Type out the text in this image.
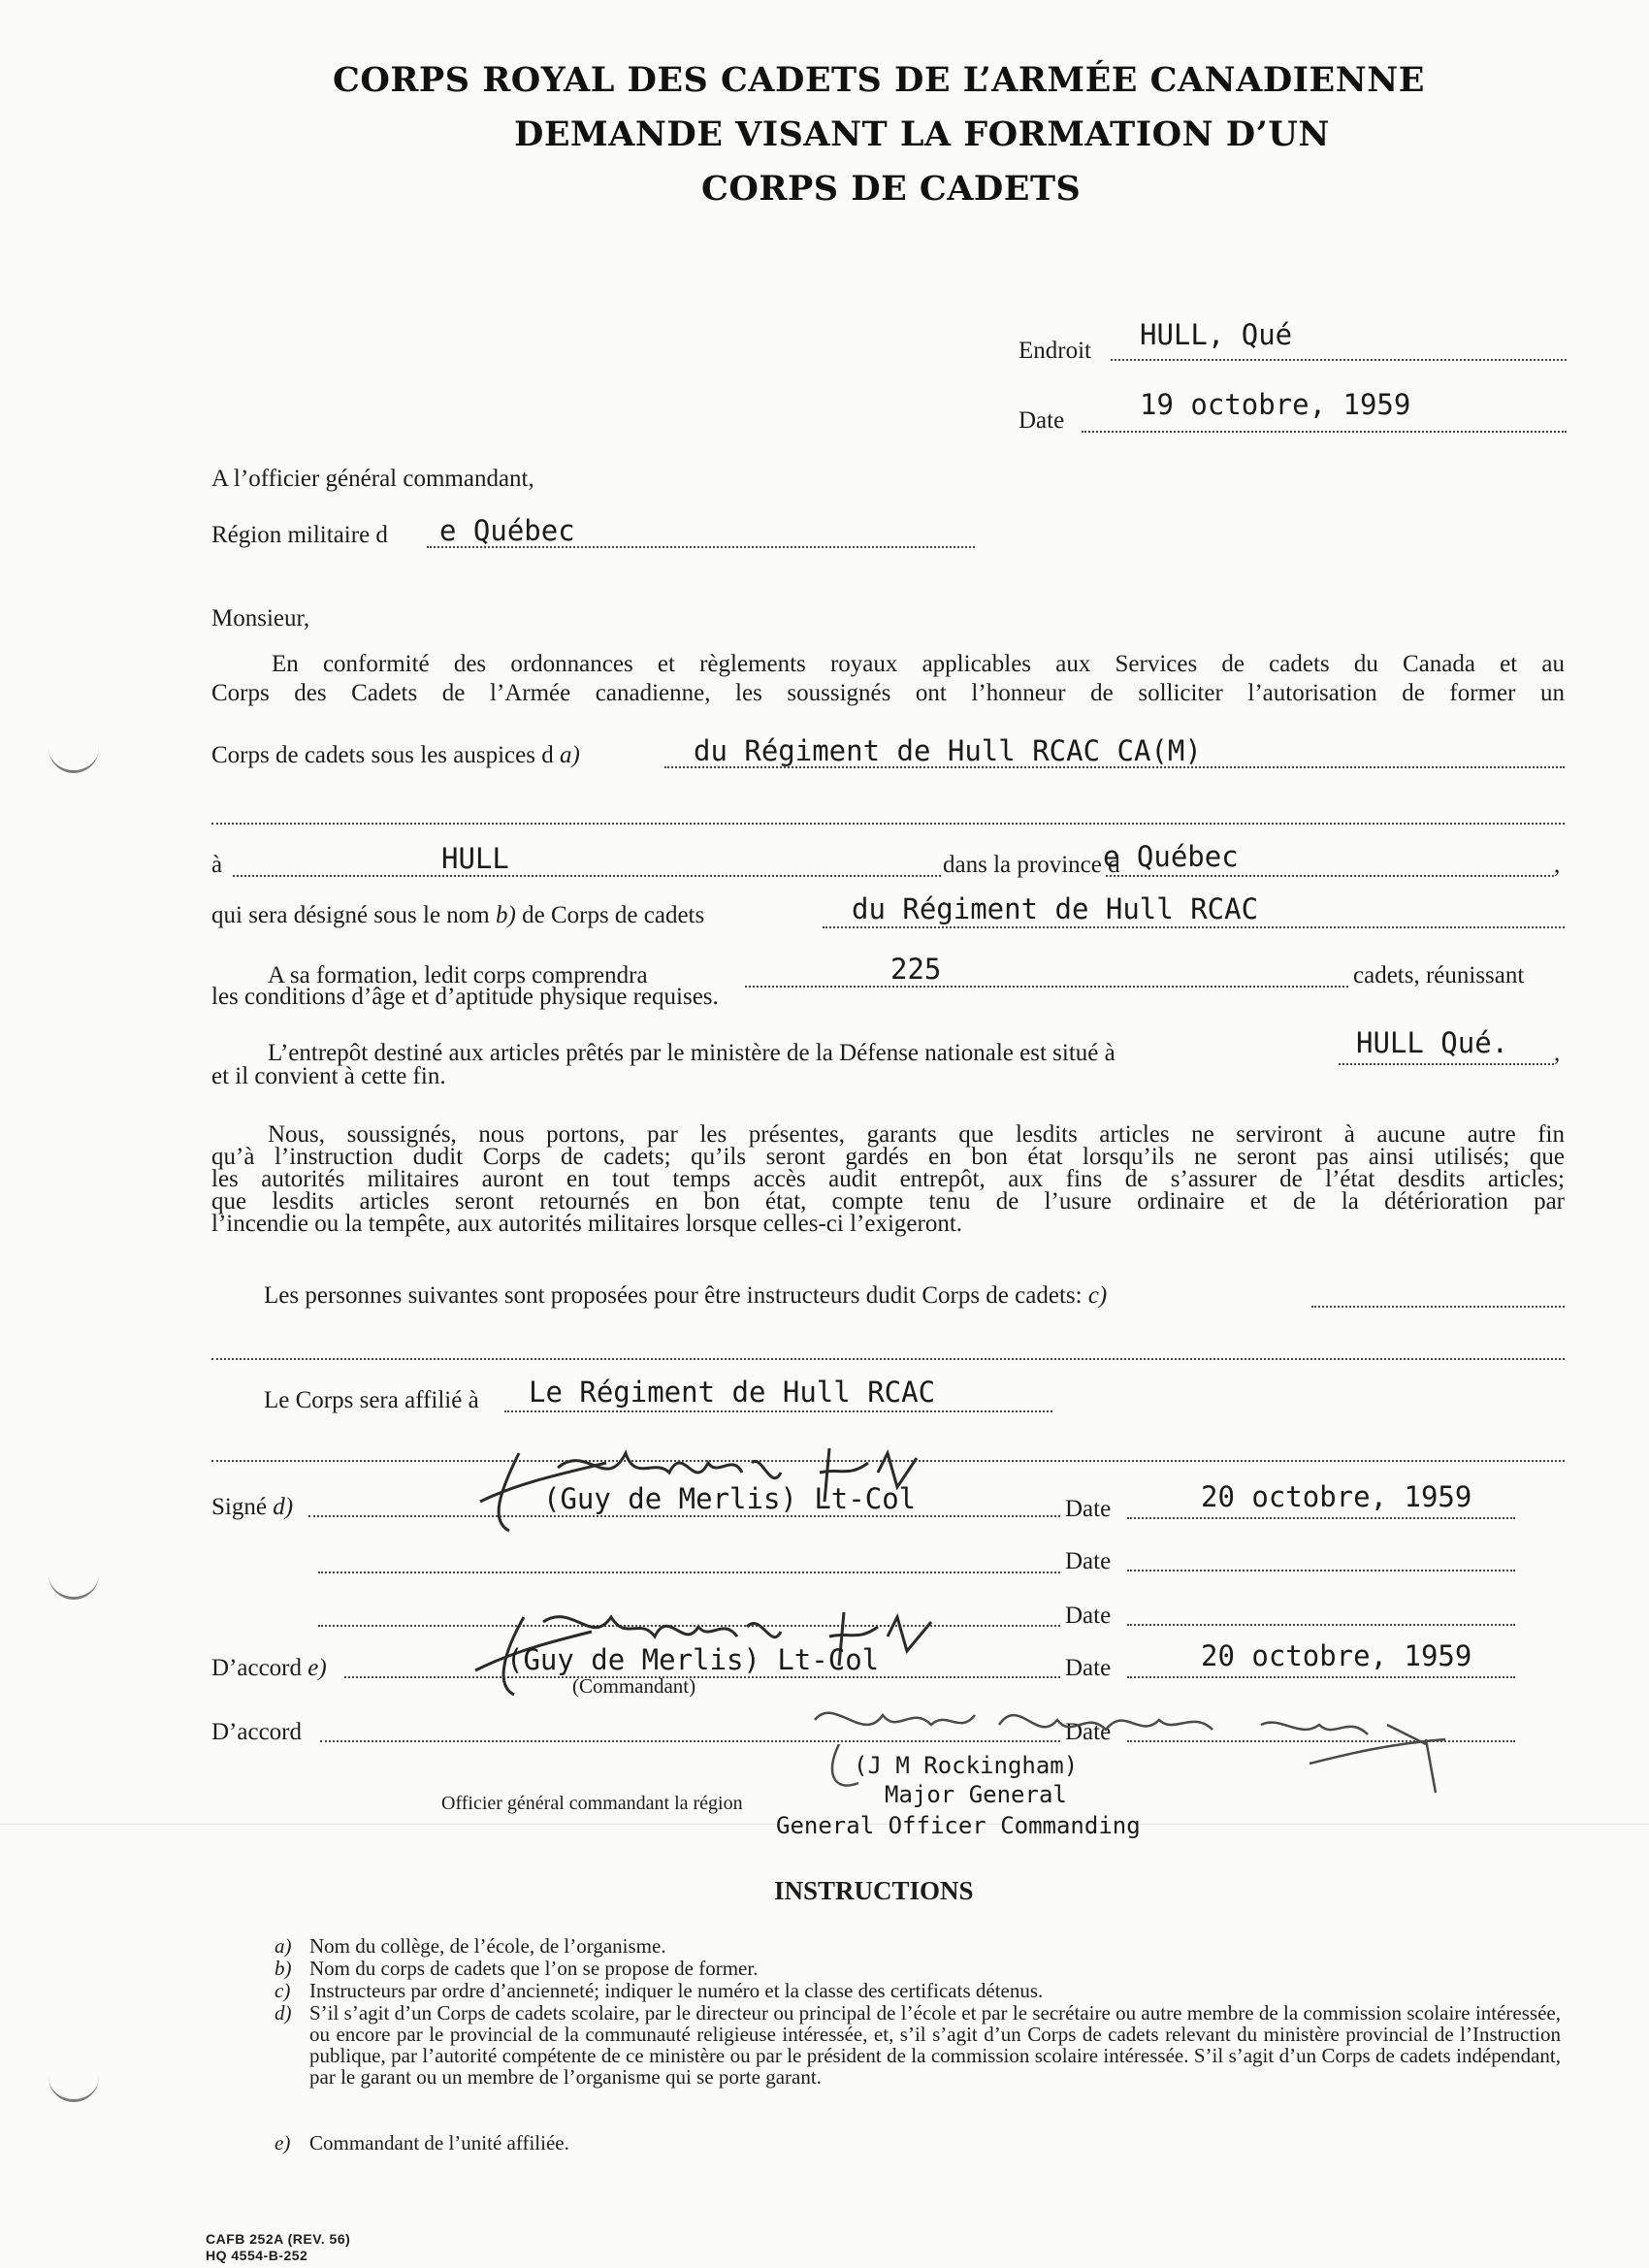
CORPS ROYAL DES CADETS DE L’ARMÉE CANADIENNE
DEMANDE VISANT LA FORMATION D’UN
CORPS DE CADETS
Endroit HULL, Qué
Date	19 octobre, 1959
A l’officier général commandant,
Région militaire d e Québec
Monsieur,
En conformité des ordonnances et règlements royaux applicables aux Services de cadets du Canada et au
Corps des Cadets de l’Armée canadienne, les soussignés ont l’honneur de solliciter l’autorisation de former un
Corps de cadets sous les auspices d a)	du Régiment de Hull RCAC CA(M)
à	HULL	dans la province d
e Québec	,
qui sera désigné sous le nom b) de Corps de cadets	du Régiment de Hull RCAC
A sa formation, ledit corps comprendra	225	cadets, réunissant
les conditions d’âge et d’aptitude physique requises.
L’entrepôt destiné aux articles prêtés par le ministère de la Défense nationale est situé à	HULL Qué. ,
et il convient à cette fin.
Nous, soussignés, nous portons, par les présentes, garants que lesdits articles ne serviront à aucune autre fin
qu’à l’instruction dudit Corps de cadets; qu’ils seront gardés en bon état lorsqu’ils ne seront pas ainsi utilisés; que
les autorités militaires auront en tout temps accès audit entrepôt, aux fins de s’assurer de l’état desdits articles;
que lesdits articles seront retournés en bon état, compte tenu de l’usure ordinaire et de la détérioration par
l’incendie ou la tempête, aux autorités militaires lorsque celles-ci l’exigeront.
Les personnes suivantes sont proposées pour être instructeurs dudit Corps de cadets: c)
Le Corps sera affilié à Le Régiment de Hull RCAC
Signé d)	(Guy de Merlis) Lt-Col	Date	20 octobre, 1959
Date
Date
D’accord e)	(Guy de Merlis) Lt-Col
(Commandant)
Date	20 octobre, 1959
D’accord	Date
(J M Rockingham)
Major General
Officier général commandant la région
General Officer Commanding
INSTRUCTIONS
a) Nom du collège, de l’école, de l’organisme.
b) Nom du corps de cadets que l’on se propose de former.
c) Instructeurs par ordre d’ancienneté; indiquer le numéro et la classe des certificats détenus.
d) S’il s’agit d’un Corps de cadets scolaire, par le directeur ou principal de l’école et par le secrétaire ou autre membre de la commission scolaire intéressée, ou encore par le provincial de la communauté religieuse intéressée, et, s’il s’agit d’un Corps de cadets relevant du ministère provincial de l’Instruction publique, par l’autorité compétente de ce ministère ou par le président de la commission scolaire intéressée. S’il s’agit d’un Corps de cadets indépendant, par le garant ou un membre de l’organisme qui se porte garant.
e) Commandant de l’unité affiliée.
CAFB 252A (REV. 56)
HQ 4554-B-252
